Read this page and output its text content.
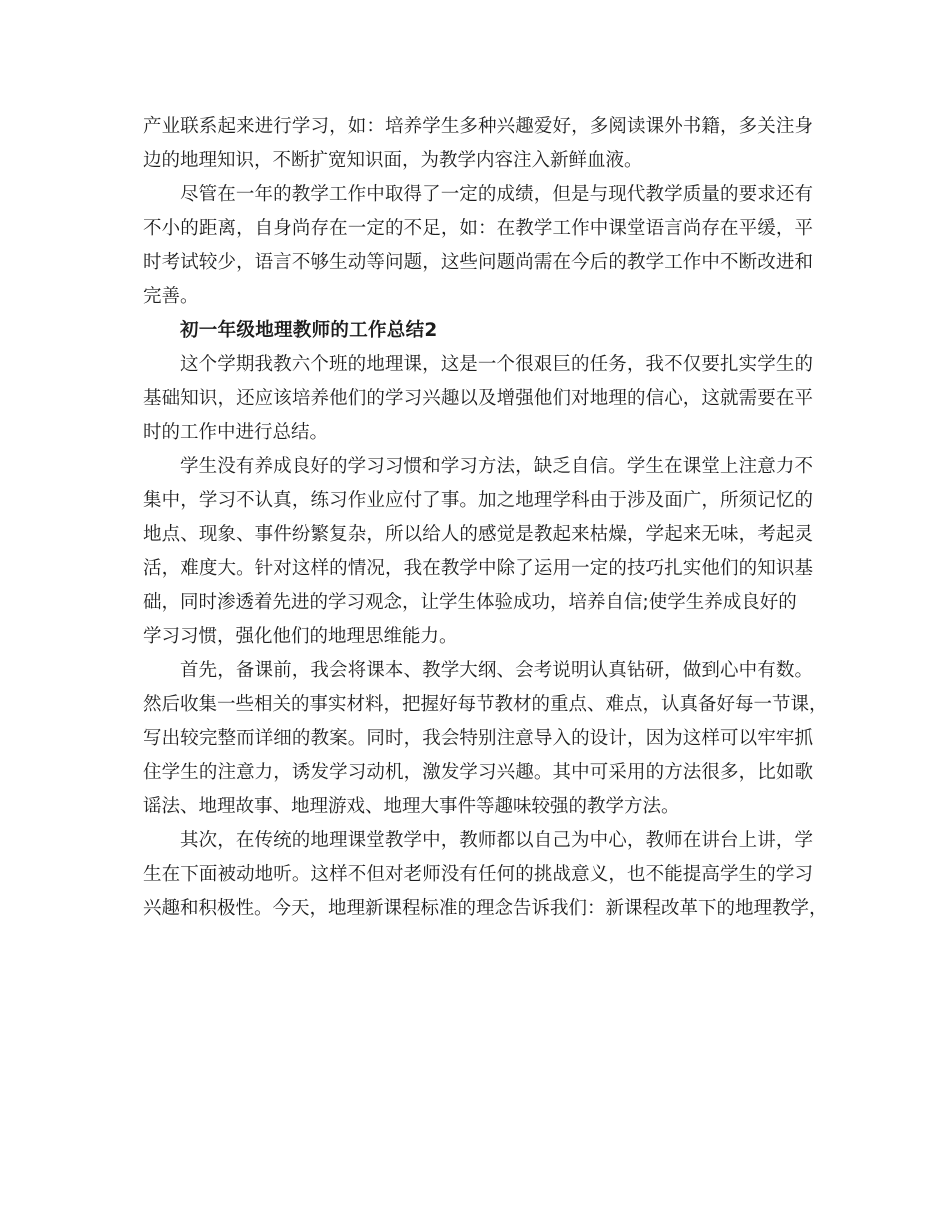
产业联系起来进行学习，如：培养学生多种兴趣爱好，多阅读课外书籍，多关注身
边的地理知识，不断扩宽知识面，为教学内容注入新鲜血液。
尽管在一年的教学工作中取得了一定的成绩，但是与现代教学质量的要求还有
不小的距离，自身尚存在一定的不足，如：在教学工作中课堂语言尚存在平缓，平
时考试较少，语言不够生动等问题，这些问题尚需在今后的教学工作中不断改进和
完善。
初一年级地理教师的工作总结2
这个学期我教六个班的地理课，这是一个很艰巨的任务，我不仅要扎实学生的
基础知识，还应该培养他们的学习兴趣以及增强他们对地理的信心，这就需要在平
时的工作中进行总结。
学生没有养成良好的学习习惯和学习方法，缺乏自信。学生在课堂上注意力不
集中，学习不认真，练习作业应付了事。加之地理学科由于涉及面广，所须记忆的
地点、现象、事件纷繁复杂，所以给人的感觉是教起来枯燥，学起来无味，考起灵
活，难度大。针对这样的情况，我在教学中除了运用一定的技巧扎实他们的知识基
础，同时渗透着先进的学习观念，让学生体验成功，培养自信;使学生养成良好的
学习习惯，强化他们的地理思维能力。
首先，备课前，我会将课本、教学大纲、会考说明认真钻研，做到心中有数。
然后收集一些相关的事实材料，把握好每节教材的重点、难点，认真备好每一节课，
写出较完整而详细的教案。同时，我会特别注意导入的设计，因为这样可以牢牢抓
住学生的注意力，诱发学习动机，激发学习兴趣。其中可采用的方法很多，比如歌
谣法、地理故事、地理游戏、地理大事件等趣味较强的教学方法。
其次，在传统的地理课堂教学中，教师都以自己为中心，教师在讲台上讲，学
生在下面被动地听。这样不但对老师没有任何的挑战意义，也不能提高学生的学习
兴趣和积极性。今天，地理新课程标准的理念告诉我们：新课程改革下的地理教学，
